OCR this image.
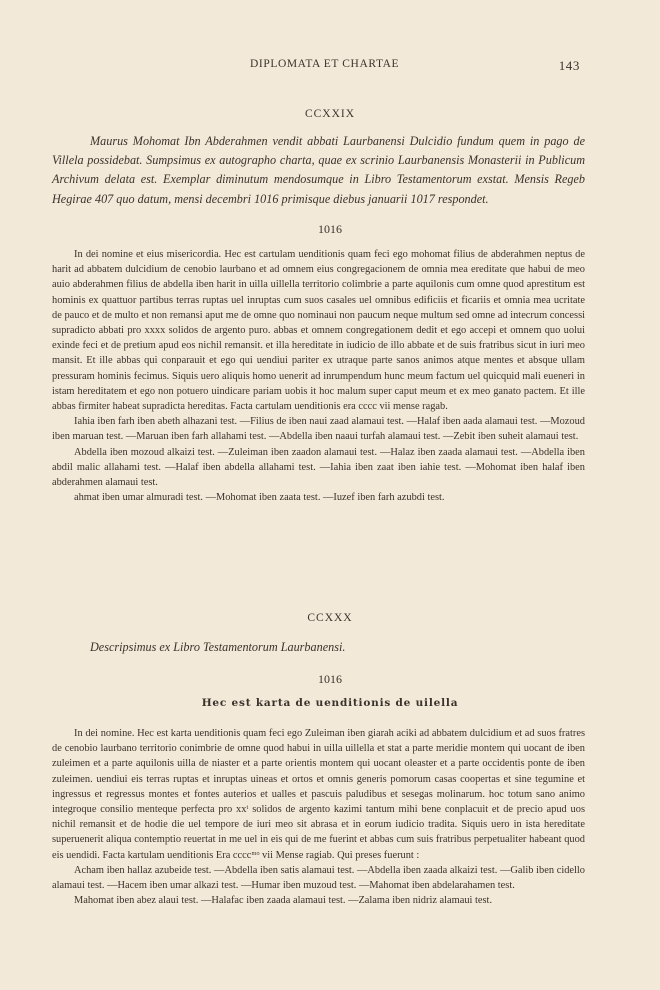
DIPLOMATA ET CHARTAE	143
CCXXIX

Maurus Mohomat Ibn Abderahmen vendit abbati Laurbanensi Dulcidio fundum quem in pago de Villela possidebat. Sumpsimus ex autographo charta, quae ex scrinio Laurbanensis Monasterii in Publicum Archivum delata est. Exemplar diminutum mendosumque in Libro Testamentorum exstat. Mensis Regeb Hegirae 407 quo datum, mensi decembri 1016 primisque diebus januarii 1017 respondet.

1016

In dei nomine et eius misericordia. Hec est cartulam uenditionis quam feci ego mohomat filius de abderahmen neptus de harit ad abbatem dulcidium de cenobio laurbano et ad omnem eius congregacionem de omnia mea ereditate que habui de meo auio abderahmen filius de abdella iben harit in uilla uillella territorio colimbrie a parte aquilonis cum omne quod aprestitum est hominis ex quattuor partibus terras ruptas uel inruptas cum suos casales uel omnibus edificiis et ficariis et omnia mea ucritate de pauco et de multo et non remansi aput me de omne quo nominaui non paucum neque multum sed omne ad intecrum concessi supradicto abbati pro xxxx solidos de argento puro. abbas et omnem congregationem dedit et ego accepi et omnem quo uolui exinde feci et de pretium apud eos nichil remansit. et illa hereditate in iudicio de illo abbate et de suis fratribus sicut in iuri meo mansit. Et ille abbas qui conparauit et ego qui uendiui pariter ex utraque parte sanos animos atque mentes et absque ullam pressuram hominis fecimus. Siquis uero aliquis homo uenerit ad inrumpendum hunc meum factum uel quicquid mali eueneri in istam hereditatem et ego non potuero uindicare pariam uobis it hoc malum super caput meum et ex meo ganato pactem. Et ille abbas firmiter habeat supradicta hereditas. Facta cartulam uenditionis era cccc vii mense ragab.

Iahia iben farh iben abeth alhazani test. —Filius de iben naui zaad alamaui test. —Halaf iben aada alamaui test. —Mozoud iben maruan test. —Maruan iben farh allahami test. —Abdella iben naaui turfah alamaui test. —Zebit iben suheit alamaui test.

Abdella iben mozoud alkaizi test. —Zuleiman iben zaadon alamaui test. —Halaz iben zaada alamaui test. —Abdella iben abdil malic allahami test. —Halaf iben abdella allahami test. —Iahia iben zaat iben iahie test. —Mohomat iben halaf iben abderahmen alamaui test.

ahmat iben umar almuradi test. —Mohomat iben zaata test. —Iuzef iben farh azubdi test.

CCXXX

Descripsimus ex Libro Testamentorum Laurbanensi.

1016
Hec est karta de uenditionis de uilella

In dei nomine. Hec est karta uenditionis quam feci ego Zuleiman iben giarah aciki ad abbatem dulcidium et ad suos fratres de cenobio laurbano territorio conimbrie de omne quod habui in uilla uillella et stat a parte meridie montem qui uocant de iben zuleimen et a parte aquilonis uilla de niaster et a parte orientis montem qui uocant oleaster et a parte occidentis ponte de iben zuleimen. uendiui eis terras ruptas et inruptas uineas et ortos et omnis generis pomorum casas coopertas et sine tegumine et ingressus et regressus montes et fontes auterios et ualles et pascuis paludibus et sesegas molinarum. hoc totum sano animo integroque consilio menteque perfecta pro xxᵗ solidos de argento kazimi tantum mihi bene conplacuit et de precio apud uos nichil remansit et de hodie die uel tempore de iuri meo sit abrasa et in eorum iudicio tradita. Siquis uero in ista hereditate superuenerit aliqua contemptio reuertat in me uel in eis qui de me fuerint et abbas cum suis fratribus perpetualiter habeant quod eis uendidi. Facta kartulam uenditionis Era ccccᵐᵒ vii Mense ragiab. Qui preses fuerunt :

Acham iben hallaz azubeide test. —Abdella iben satis alamaui test. —Abdella iben zaada alkaizi test. —Galib iben cidello alamaui test. —Hacem iben umar alkazi test. —Humar iben muzoud test. —Mahomat iben abdelarahamen test.

Mahomat iben abez alaui test. —Halafac iben zaada alamaui test. —Zalama iben nidriz alamaui test.
